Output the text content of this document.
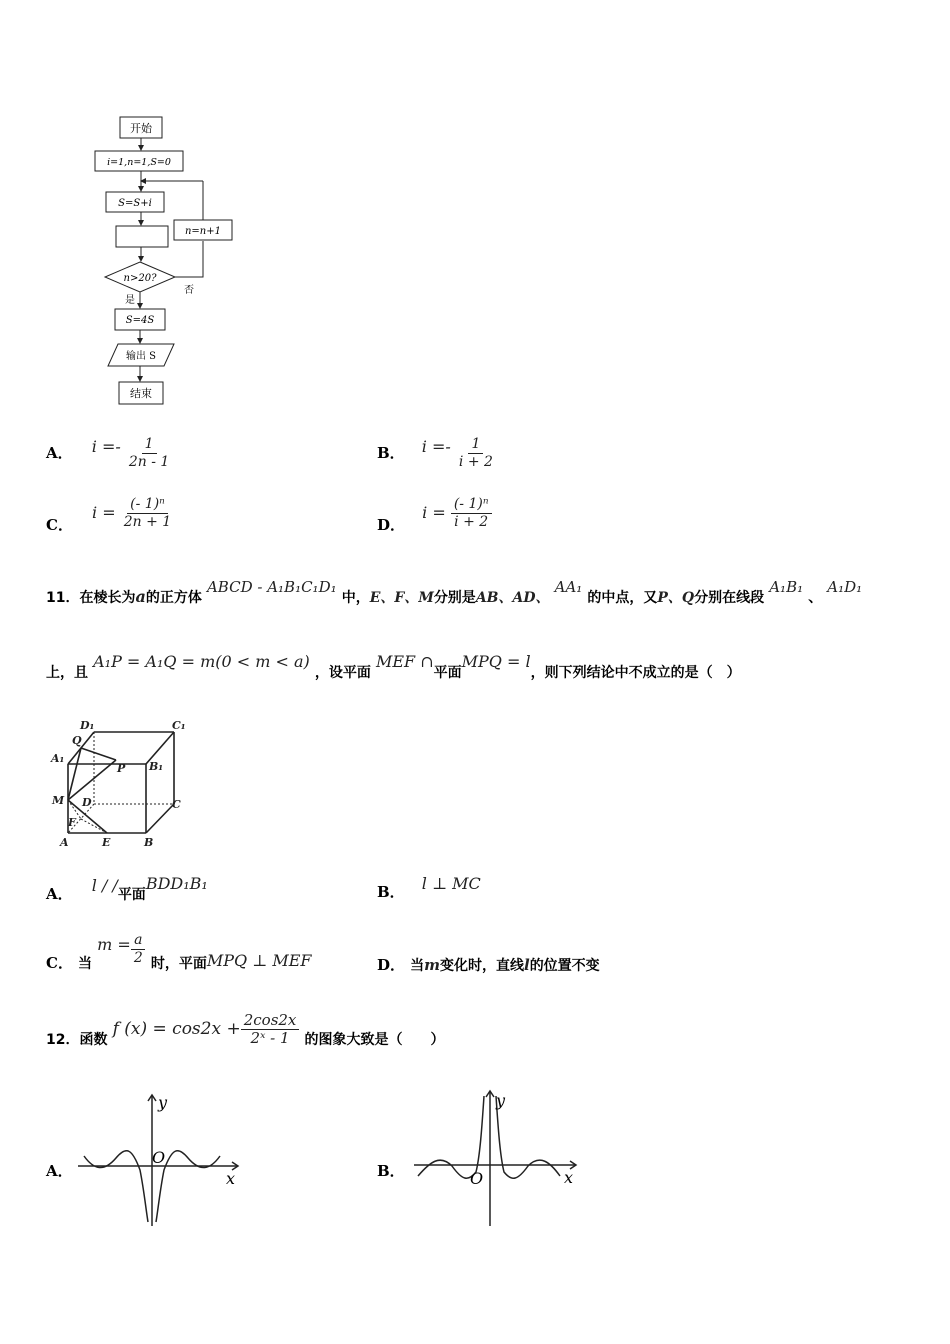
开始
i=1,n=1,S=0
S=S+i
n=n+1
n>20?
否
是
S=4S
输出 S
结束
A． $i =- \frac{1}{2n - 1}$	B． $i =- \frac{1}{i + 2}$
C． $i = \frac{\text{(- 1)ⁿ}}{2n + 1}$	D． $i = \frac{\text{(- 1)ⁿ}}{i + 2}$
11．在棱长为a的正方体 ABCD - A₁B₁C₁D₁ 中，E、F、M分别是AB、AD、 AA₁ 的中点，又P、Q分别在线段 A₁B₁ 、 A₁D₁
上，且 A₁P = A₁Q = m(0 < m < a) ，设平面 MEF ∩平面MPQ = l，则下列结论中不成立的是（　）
D₁	C₁
Q
A₁
P B₁
M D	C
F
A	E	B
A． l / /平面BDD₁B₁	B． l ⊥ MC
C． 当 $m = \frac{a}{2}$ 时，平面MPQ ⊥ MEF	D． 当m变化时，直线l的位置不变
12．函数 f $(x) = \cos 2x + \frac{2\cos 2x}{\text{2ˣ - 1}}$ 的图象大致是（　　）
A．
y
x
O
B．
y
x
O
